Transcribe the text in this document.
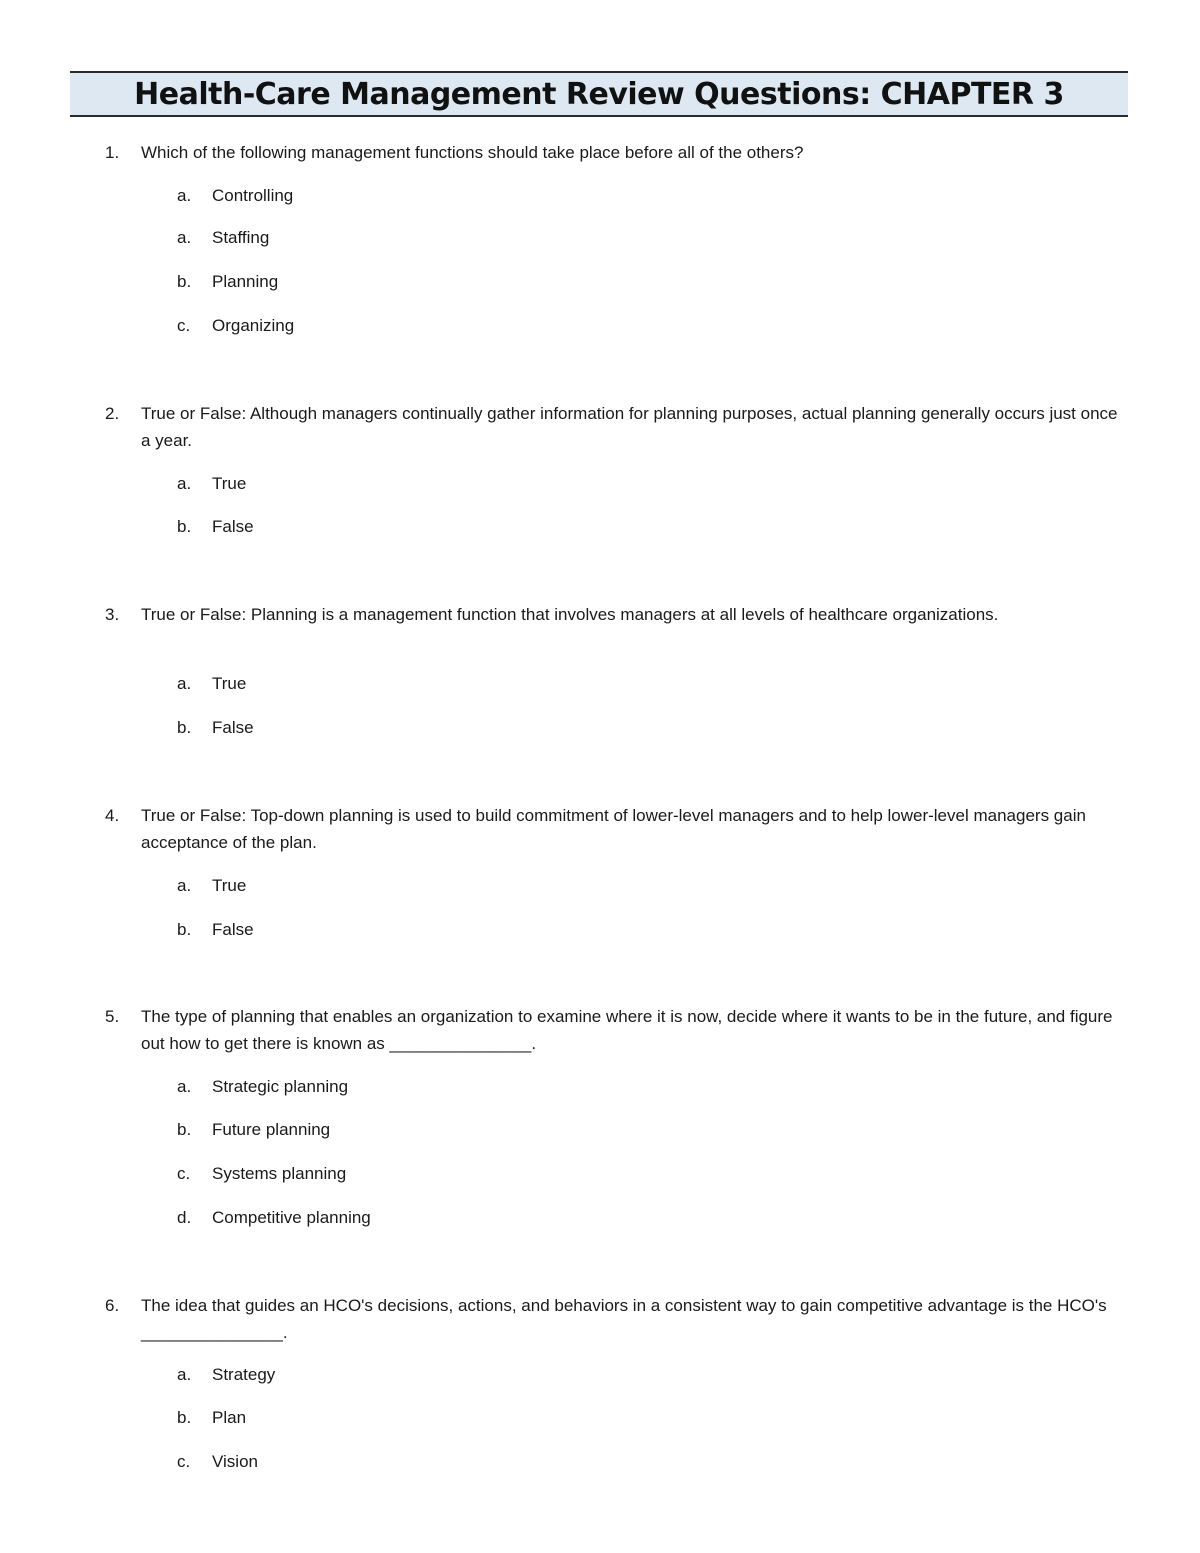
Health-Care Management Review Questions: CHAPTER 3
1. Which of the following management functions should take place before all of the others?
a. Controlling
a. Staffing
b. Planning
c. Organizing
2. True or False: Although managers continually gather information for planning purposes, actual planning generally occurs just once a year.
a. True
b. False
3. True or False: Planning is a management function that involves managers at all levels of healthcare organizations.
a. True
b. False
4. True or False: Top-down planning is used to build commitment of lower-level managers and to help lower-level managers gain acceptance of the plan.
a. True
b. False
5. The type of planning that enables an organization to examine where it is now, decide where it wants to be in the future, and figure out how to get there is known as _______________.
a. Strategic planning
b. Future planning
c. Systems planning
d. Competitive planning
6. The idea that guides an HCO's decisions, actions, and behaviors in a consistent way to gain competitive advantage is the HCO's _______________.
a. Strategy
b. Plan
c. Vision
